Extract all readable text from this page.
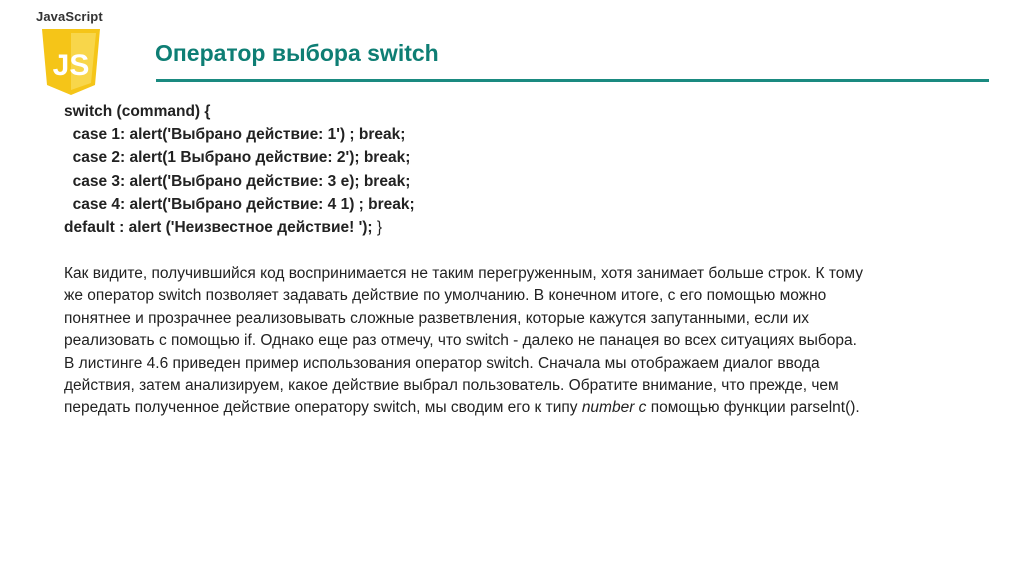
JavaScript
JS	Оператор выбора switch
switch (command) {
case 1: alert('Выбрано действие: 1') ; break;
case 2: alert(1 Выбрано действие: 2'); break;
case 3: alert('Выбрано действие: 3 е); break;
case 4: alert('Выбрано действие: 4 1) ; break;
default : alert ('Неизвестное действие! '); }
Как видите, получившийся код воспринимается не таким перегруженным, хотя занимает больше строк. К тому
же оператор switch позволяет задавать действие по умолчанию. В конечном итоге, с его помощью можно
понятнее и прозрачнее реализовывать сложные разветвления, которые кажутся запутанными, если их
реализовать с помощью if. Однако еще раз отмечу, что switch - далеко не панацея во всех ситуациях выбора.
В листинге 4.6 приведен пример использования оператор switch. Сначала мы отображаем диалог ввода
действия, затем анализируем, какое действие выбрал пользователь. Обратите внимание, что прежде, чем
передать полученное действие оператору switch, мы сводим его к типу number с помощью функции parselnt().
